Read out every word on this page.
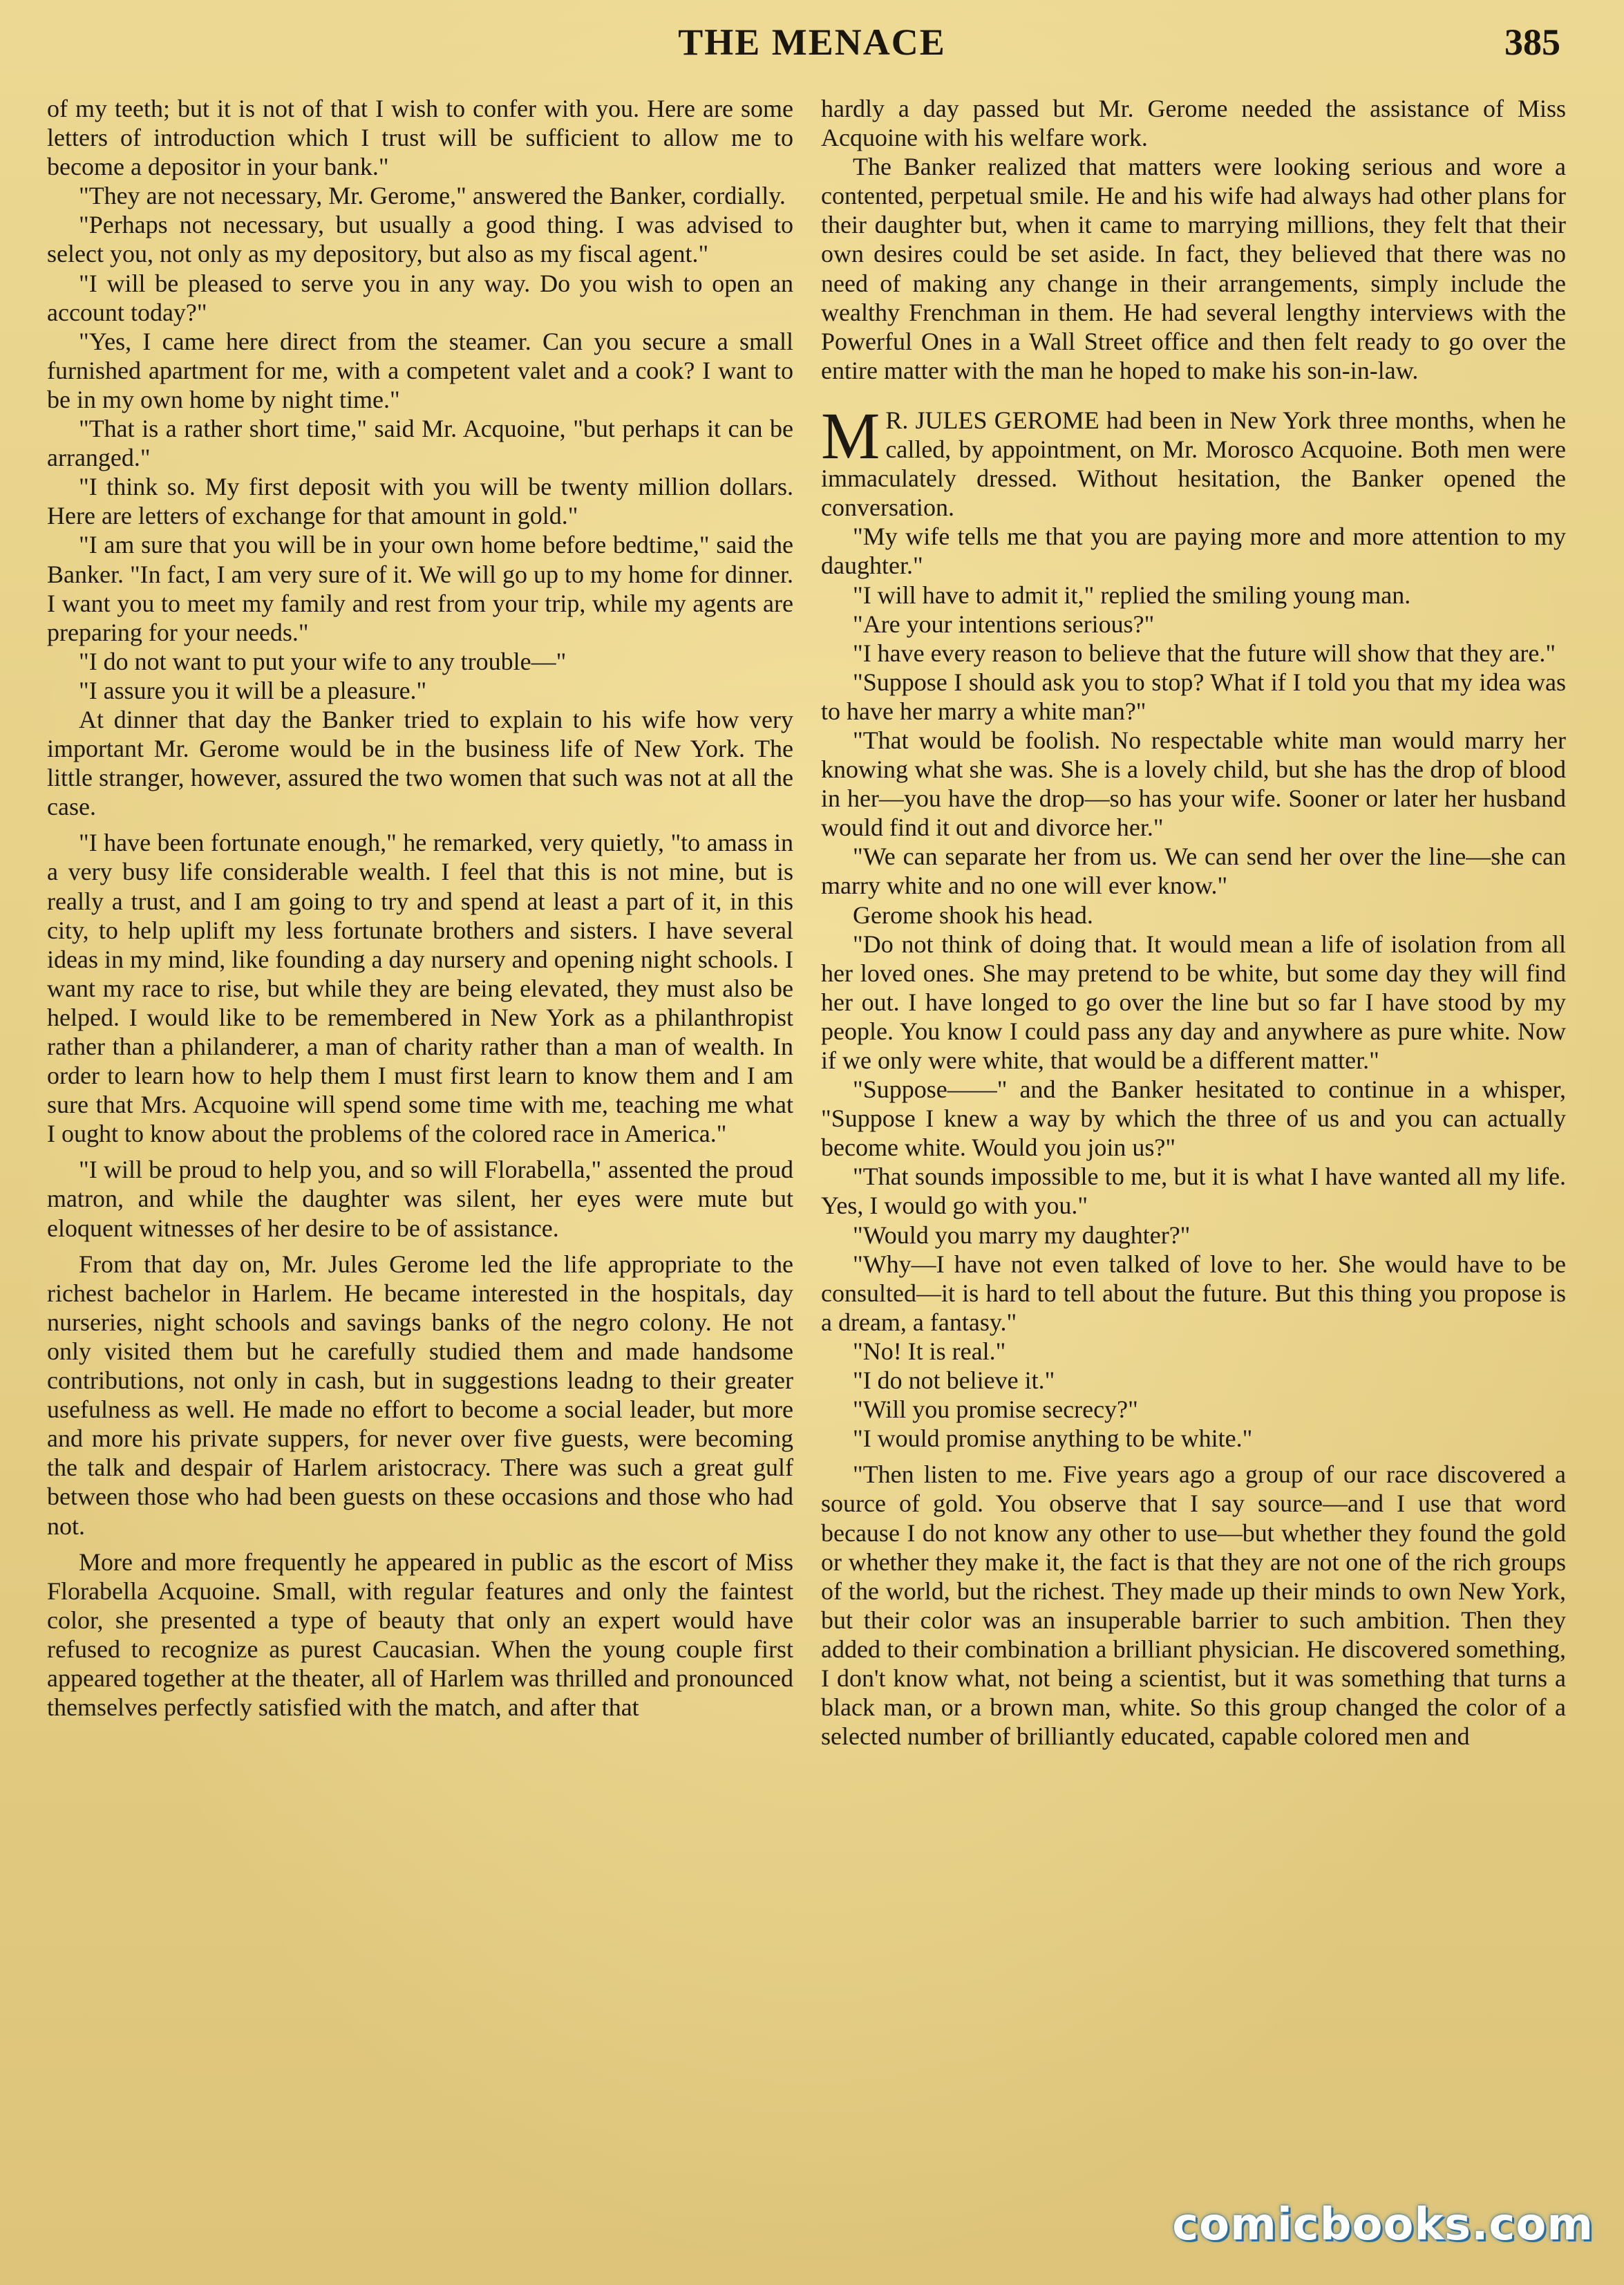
THE MENACE	385

of my teeth; but it is not of that I wish to confer with you. Here are some letters of introduction which I trust will be sufficient to allow me to become a depositor in your bank."

"They are not necessary, Mr. Gerome," answered the Banker, cordially.

"Perhaps not necessary, but usually a good thing. I was advised to select you, not only as my depository, but also as my fiscal agent."

"I will be pleased to serve you in any way. Do you wish to open an account today?"

"Yes, I came here direct from the steamer. Can you secure a small furnished apartment for me, with a competent valet and a cook? I want to be in my own home by night time."

"That is a rather short time," said Mr. Acquoine, "but perhaps it can be arranged."

"I think so. My first deposit with you will be twenty million dollars. Here are letters of exchange for that amount in gold."

"I am sure that you will be in your own home before bedtime," said the Banker. "In fact, I am very sure of it. We will go up to my home for dinner. I want you to meet my family and rest from your trip, while my agents are preparing for your needs."

"I do not want to put your wife to any trouble—"

"I assure you it will be a pleasure."

At dinner that day the Banker tried to explain to his wife how very important Mr. Gerome would be in the business life of New York. The little stranger, however, assured the two women that such was not at all the case.

"I have been fortunate enough," he remarked, very quietly, "to amass in a very busy life considerable wealth. I feel that this is not mine, but is really a trust, and I am going to try and spend at least a part of it, in this city, to help uplift my less fortunate brothers and sisters. I have several ideas in my mind, like founding a day nursery and opening night schools. I want my race to rise, but while they are being elevated, they must also be helped. I would like to be remembered in New York as a philanthropist rather than a philanderer, a man of charity rather than a man of wealth. In order to learn how to help them I must first learn to know them and I am sure that Mrs. Acquoine will spend some time with me, teaching me what I ought to know about the problems of the colored race in America."

"I will be proud to help you, and so will Florabella," assented the proud matron, and while the daughter was silent, her eyes were mute but eloquent witnesses of her desire to be of assistance.

From that day on, Mr. Jules Gerome led the life appropriate to the richest bachelor in Harlem. He became interested in the hospitals, day nurseries, night schools and savings banks of the negro colony. He not only visited them but he carefully studied them and made handsome contributions, not only in cash, but in suggestions leadng to their greater usefulness as well. He made no effort to become a social leader, but more and more his private suppers, for never over five guests, were becoming the talk and despair of Harlem aristocracy. There was such a great gulf between those who had been guests on these occasions and those who had not.

More and more frequently he appeared in public as the escort of Miss Florabella Acquoine. Small, with regular features and only the faintest color, she presented a type of beauty that only an expert would have refused to recognize as purest Caucasian. When the young couple first appeared together at the theater, all of Harlem was thrilled and pronounced themselves perfectly satisfied with the match, and after that

hardly a day passed but Mr. Gerome needed the assistance of Miss Acquoine with his welfare work.

The Banker realized that matters were looking serious and wore a contented, perpetual smile. He and his wife had always had other plans for their daughter but, when it came to marrying millions, they felt that their own desires could be set aside. In fact, they believed that there was no need of making any change in their arrangements, simply include the wealthy Frenchman in them. He had several lengthy interviews with the Powerful Ones in a Wall Street office and then felt ready to go over the entire matter with the man he hoped to make his son-in-law.

M R. JULES GEROME had been in New York three months, when he called, by appointment, on Mr. Morosco Acquoine. Both men were immaculately dressed. Without hesitation, the Banker opened the conversation.

"My wife tells me that you are paying more and more attention to my daughter."

"I will have to admit it," replied the smiling young man.

"Are your intentions serious?"

"I have every reason to believe that the future will show that they are."

"Suppose I should ask you to stop? What if I told you that my idea was to have her marry a white man?"

"That would be foolish. No respectable white man would marry her knowing what she was. She is a lovely child, but she has the drop of blood in her—you have the drop—so has your wife. Sooner or later her husband would find it out and divorce her."

"We can separate her from us. We can send her over the line—she can marry white and no one will ever know."

Gerome shook his head.

"Do not think of doing that. It would mean a life of isolation from all her loved ones. She may pretend to be white, but some day they will find her out. I have longed to go over the line but so far I have stood by my people. You know I could pass any day and anywhere as pure white. Now if we only were white, that would be a different matter."

"Suppose——" and the Banker hesitated to continue in a whisper, "Suppose I knew a way by which the three of us and you can actually become white. Would you join us?"

"That sounds impossible to me, but it is what I have wanted all my life. Yes, I would go with you."

"Would you marry my daughter?"

"Why—I have not even talked of love to her. She would have to be consulted—it is hard to tell about the future. But this thing you propose is a dream, a fantasy."

"No! It is real."

"I do not believe it."

"Will you promise secrecy?"

"I would promise anything to be white."

"Then listen to me. Five years ago a group of our race discovered a source of gold. You observe that I say source—and I use that word because I do not know any other to use—but whether they found the gold or whether they make it, the fact is that they are not one of the rich groups of the world, but the richest. They made up their minds to own New York, but their color was an insuperable barrier to such ambition. Then they added to their combination a brilliant physician. He discovered something, I don't know what, not being a scientist, but it was something that turns a black man, or a brown man, white. So this group changed the color of a selected number of brilliantly educated, capable colored men and

comicbooks.com
